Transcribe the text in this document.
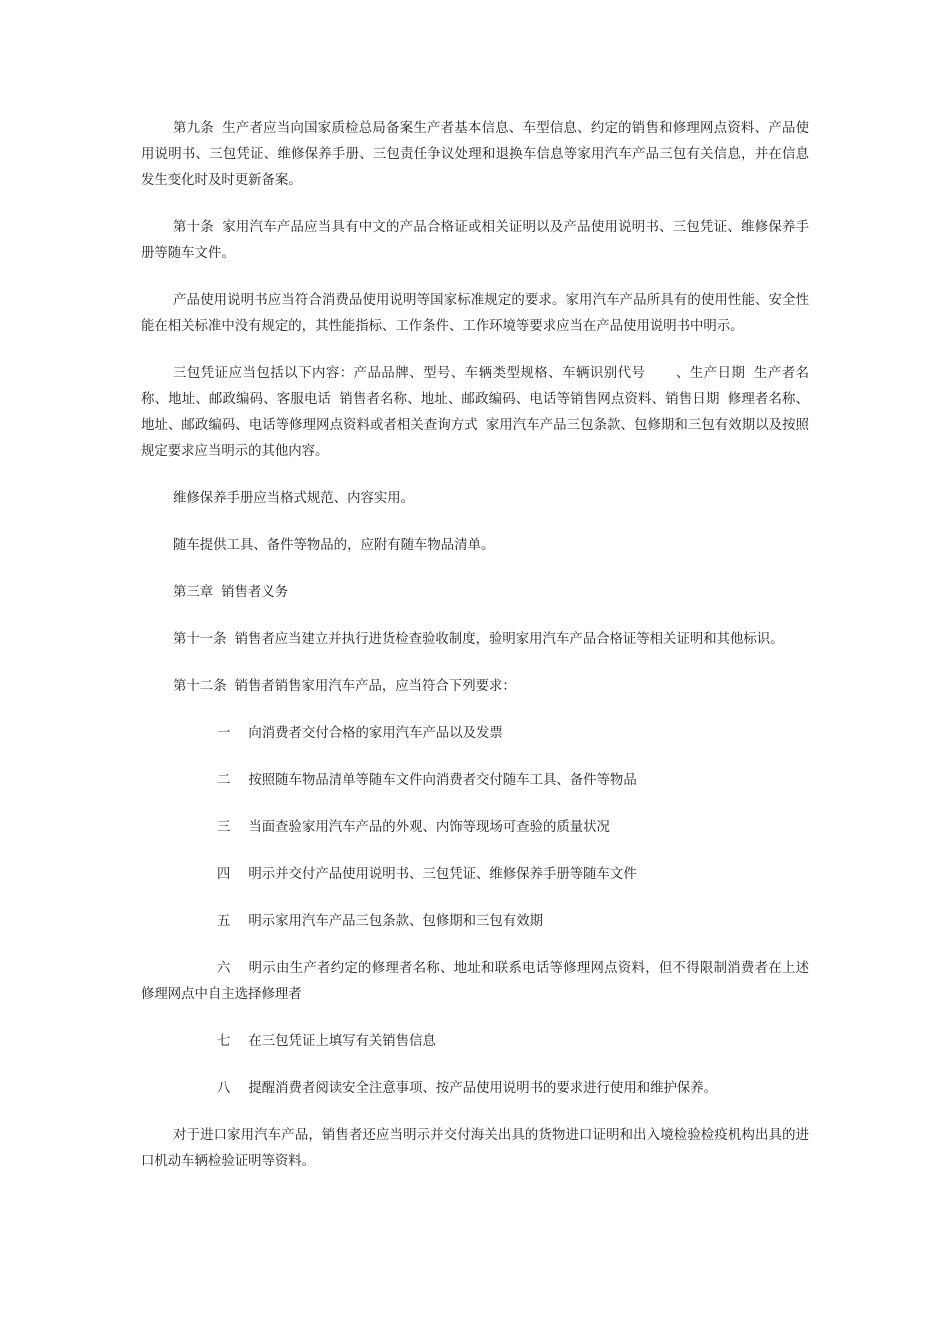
第九条 生产者应当向国家质检总局备案生产者基本信息、车型信息、约定的销售和修理网点资料、产品使用说明书、三包凭证、维修保养手册、三包责任争议处理和退换车信息等家用汽车产品三包有关信息，并在信息发生变化时及时更新备案。

第十条 家用汽车产品应当具有中文的产品合格证或相关证明以及产品使用说明书、三包凭证、维修保养手册等随车文件。

产品使用说明书应当符合消费品使用说明等国家标准规定的要求。家用汽车产品所具有的使用性能、安全性能在相关标准中没有规定的，其性能指标、工作条件、工作环境等要求应当在产品使用说明书中明示。

三包凭证应当包括以下内容：产品品牌、型号、车辆类型规格、车辆识别代号 、生产日期 生产者名称、地址、邮政编码、客服电话 销售者名称、地址、邮政编码、电话等销售网点资料、销售日期 修理者名称、地址、邮政编码、电话等修理网点资料或者相关查询方式 家用汽车产品三包条款、包修期和三包有效期以及按照规定要求应当明示的其他内容。

维修保养手册应当格式规范、内容实用。

随车提供工具、备件等物品的，应附有随车物品清单。

第三章 销售者义务

第十一条 销售者应当建立并执行进货检查验收制度，验明家用汽车产品合格证等相关证明和其他标识。

第十二条 销售者销售家用汽车产品，应当符合下列要求：

一 向消费者交付合格的家用汽车产品以及发票

二 按照随车物品清单等随车文件向消费者交付随车工具、备件等物品

三 当面查验家用汽车产品的外观、内饰等现场可查验的质量状况

四 明示并交付产品使用说明书、三包凭证、维修保养手册等随车文件

五 明示家用汽车产品三包条款、包修期和三包有效期

六 明示由生产者约定的修理者名称、地址和联系电话等修理网点资料，但不得限制消费者在上述修理网点中自主选择修理者

七 在三包凭证上填写有关销售信息

八 提醒消费者阅读安全注意事项、按产品使用说明书的要求进行使用和维护保养。

对于进口家用汽车产品，销售者还应当明示并交付海关出具的货物进口证明和出入境检验检疫机构出具的进口机动车辆检验证明等资料。
